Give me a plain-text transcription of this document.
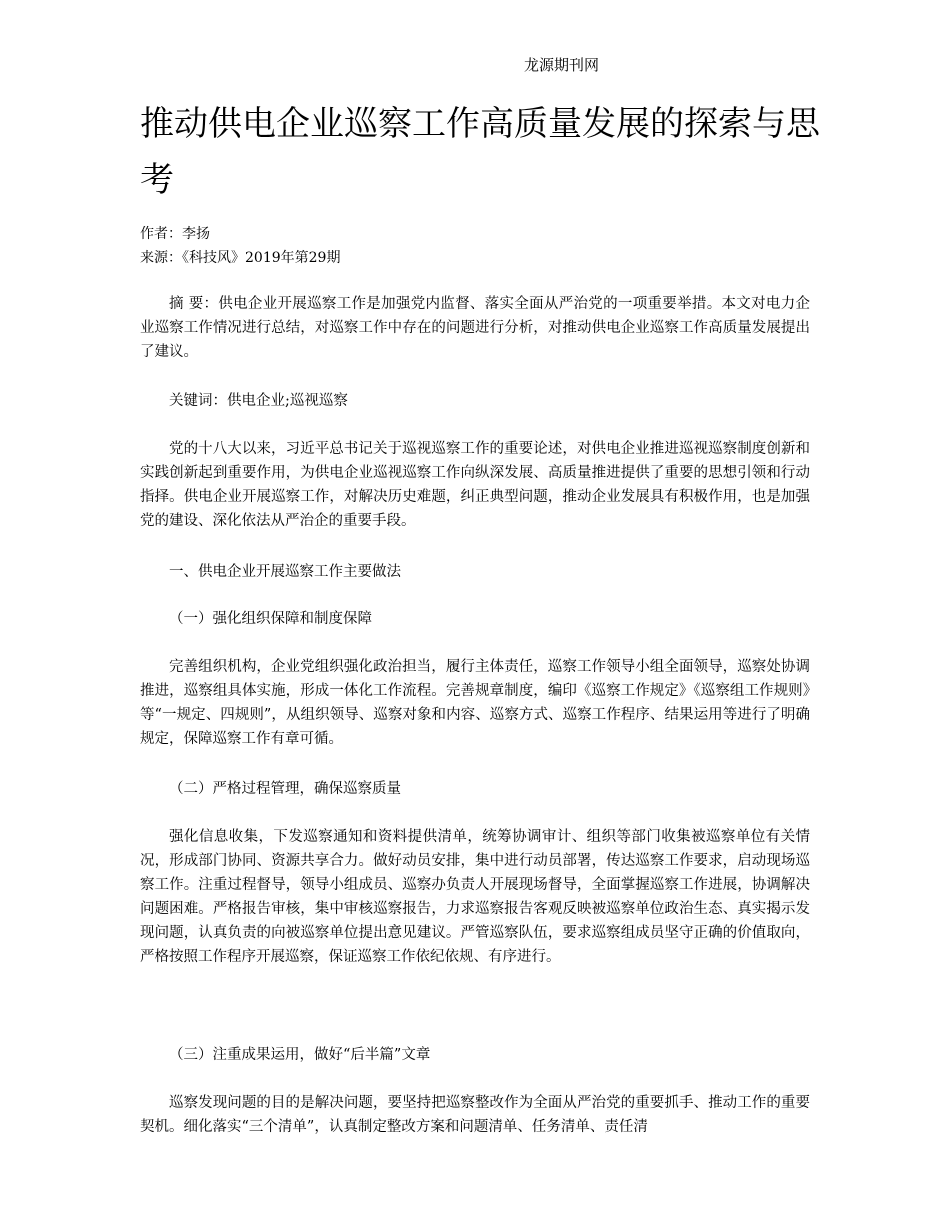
龙源期刊网
推动供电企业巡察工作高质量发展的探索与思考
作者：李扬
来源：《科技风》2019年第29期

摘 要：供电企业开展巡察工作是加强党内监督、落实全面从严治党的一项重要举措。本文对电力企业巡察工作情况进行总结，对巡察工作中存在的问题进行分析，对推动供电企业巡察工作高质量发展提出了建议。

关键词：供电企业;巡视巡察

党的十八大以来，习近平总书记关于巡视巡察工作的重要论述，对供电企业推进巡视巡察制度创新和实践创新起到重要作用，为供电企业巡视巡察工作向纵深发展、高质量推进提供了重要的思想引领和行动指择。供电企业开展巡察工作，对解决历史难题，纠正典型问题，推动企业发展具有积极作用，也是加强党的建设、深化依法从严治企的重要手段。

一、供电企业开展巡察工作主要做法

（一）强化组织保障和制度保障

完善组织机构，企业党组织强化政治担当，履行主体责任，巡察工作领导小组全面领导，巡察处协调推进，巡察组具体实施，形成一体化工作流程。完善规章制度，编印《巡察工作规定》《巡察组工作规则》等“一规定、四规则”，从组织领导、巡察对象和内容、巡察方式、巡察工作程序、结果运用等进行了明确规定，保障巡察工作有章可循。

（二）严格过程管理，确保巡察质量

强化信息收集，下发巡察通知和资料提供清单，统筹协调审计、组织等部门收集被巡察单位有关情况，形成部门协同、资源共享合力。做好动员安排，集中进行动员部署，传达巡察工作要求，启动现场巡察工作。注重过程督导，领导小组成员、巡察办负责人开展现场督导，全面掌握巡察工作进展，协调解决问题困难。严格报告审核，集中审核巡察报告，力求巡察报告客观反映被巡察单位政治生态、真实揭示发现问题，认真负责的向被巡察单位提出意见建议。严管巡察队伍，要求巡察组成员坚守正确的价值取向，严格按照工作程序开展巡察，保证巡察工作依纪依规、有序进行。

（三）注重成果运用，做好“后半篇”文章

巡察发现问题的目的是解决问题，要坚持把巡察整改作为全面从严治党的重要抓手、推动工作的重要契机。细化落实“三个清单”，认真制定整改方案和问题清单、任务清单、责任清
